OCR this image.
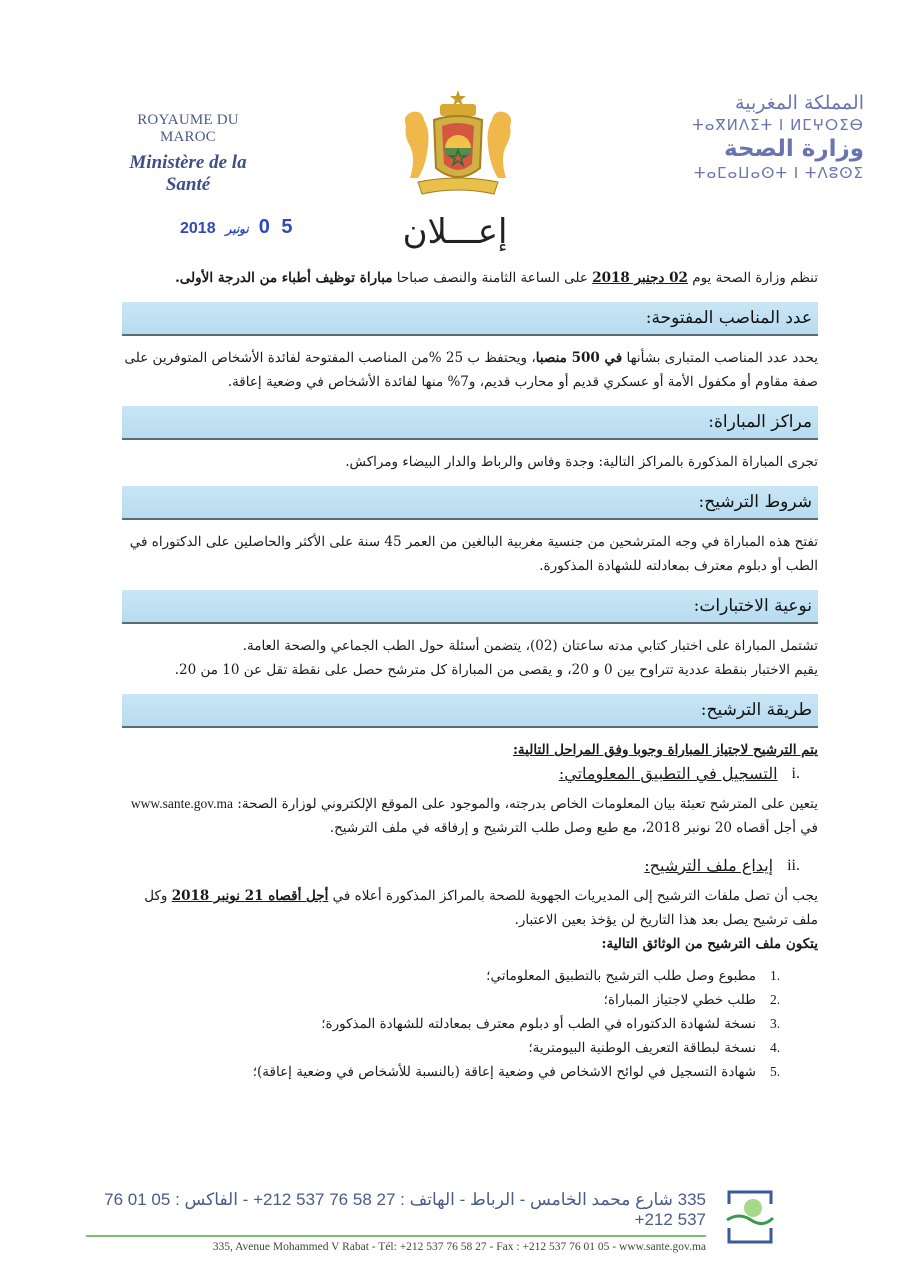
ROYAUME DU MAROC
Ministère de la Santé
المملكة المغربية
ⵜⴰⴳⵍⴷⵉⵜ ⵏ ⵍⵎⵖⵔⵉⴱ
وزارة الصحة
ⵜⴰⵎⴰⵡⴰⵙⵜ ⵏ ⵜⴷⵓⵙⵉ
2018 نونبر 0 5	إعـــلان

تنظم وزارة الصحة يوم 02 دجنبر 2018 على الساعة الثامنة والنصف صباحا مباراة توظيف أطباء من الدرجة الأولى.

عدد المناصب المفتوحة:

يحدد عدد المناصب المتبارى بشأنها في 500 منصبا، ويحتفظ ب 25 %من المناصب المفتوحة لفائدة الأشخاص المتوفرين على صفة مقاوم أو مكفول الأمة أو عسكري قديم أو محارب قديم، و7% منها لفائدة الأشخاص في وضعية إعاقة.

مراكز المباراة:

تجرى المباراة المذكورة بالمراكز التالية: وجدة وفاس والرباط والدار البيضاء ومراكش.

شروط الترشيح:

تفتح هذه المباراة في وجه المترشحين من جنسية مغربية البالغين من العمر 45 سنة على الأكثر والحاصلين على الدكتوراه في الطب أو دبلوم معترف بمعادلته للشهادة المذكورة.

نوعية الاختبارات:

تشتمل المباراة على اختبار كتابي مدته ساعتان (02)، يتضمن أسئلة حول الطب الجماعي والصحة العامة.

يقيم الاختبار بنقطة عددية تتراوح بين 0 و 20، و يقصى من المباراة كل مترشح حصل على نقطة تقل عن 10 من 20.

طريقة الترشيح:

يتم الترشيح لاجتياز المباراة وجوبا وفق المراحل التالية:

i.
التسجيل في التطبيق المعلوماتي:

يتعين على المترشح تعبئة بيان المعلومات الخاص بدرجته، والموجود على الموقع الإلكتروني لوزارة الصحة: www.sante.gov.ma

في أجل أقصاه 20 نونبر 2018، مع طبع وصل طلب الترشيح و إرفاقه في ملف الترشيح.

ii.
إيداع ملف الترشيح:

يجب أن تصل ملفات الترشيح إلى المديريات الجهوية للصحة بالمراكز المذكورة أعلاه في أجل أقصاه 21 نونبر 2018 وكل ملف ترشيح يصل بعد هذا التاريخ لن يؤخذ بعين الاعتبار.

يتكون ملف الترشيح من الوثائق التالية:

1.
مطبوع وصل طلب الترشيح بالتطبيق المعلوماتي؛
2.
طلب خطي لاجتياز المباراة؛
3.
نسخة لشهادة الدكتوراه في الطب أو دبلوم معترف بمعادلته للشهادة المذكورة؛
4.
نسخة لبطاقة التعريف الوطنية البيومترية؛
5.
شهادة التسجيل في لوائح الاشخاص في وضعية إعاقة (بالنسبة للأشخاص في وضعية إعاقة)؛
335 شارع محمد الخامس - الرباط - الهاتف : 27 58 76 537 212+ - الفاكس : 05 01 76 537 212+
335, Avenue Mohammed V Rabat - Tél: +212 537 76 58 27 - Fax : +212 537 76 01 05 - www.sante.gov.ma
